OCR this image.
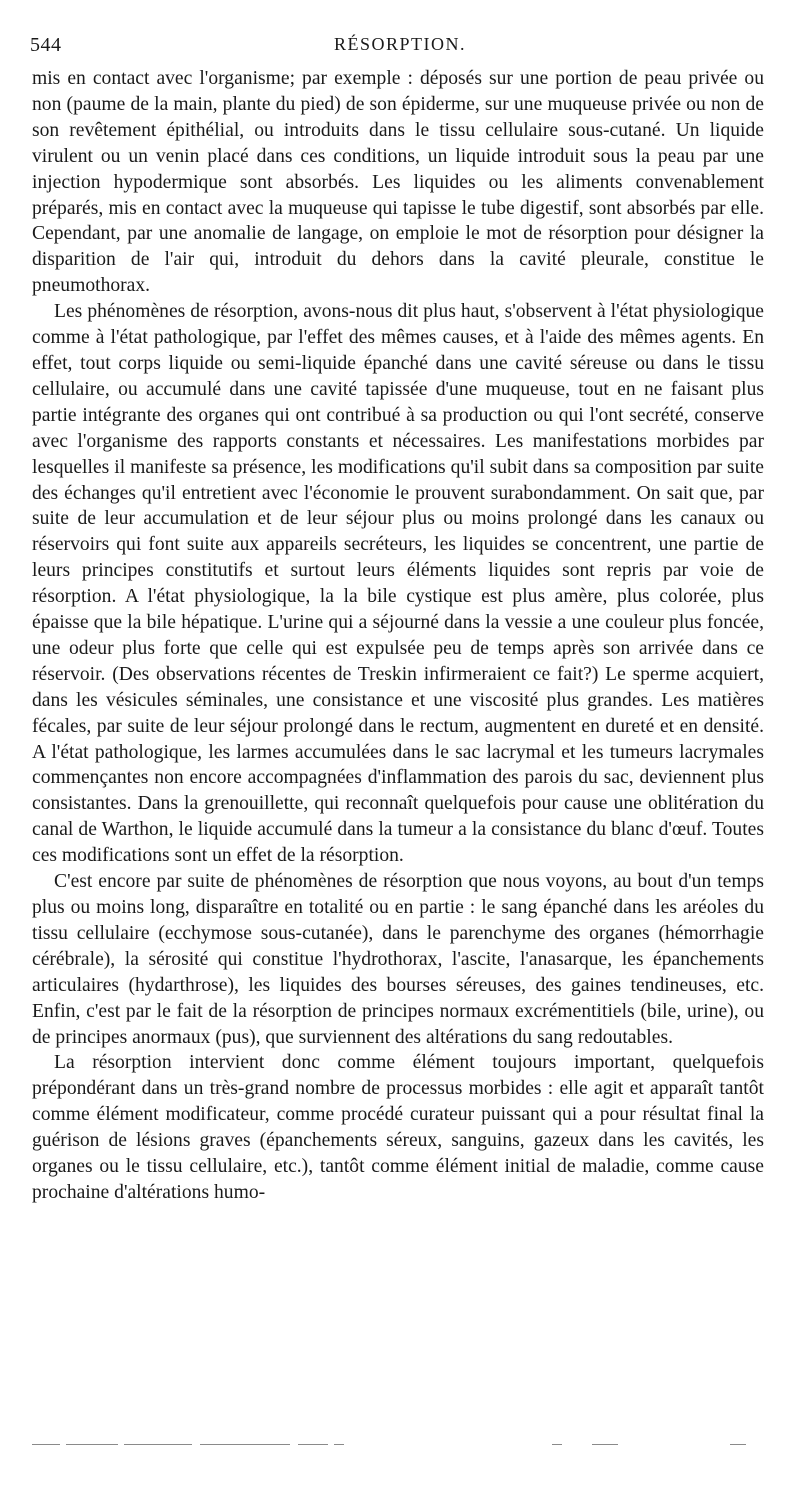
544	RÉSORPTION.

mis en contact avec l'organisme; par exemple : déposés sur une portion de peau privée ou non (paume de la main, plante du pied) de son épiderme, sur une muqueuse privée ou non de son revêtement épithélial, ou introduits dans le tissu cellulaire sous-cutané. Un liquide virulent ou un venin placé dans ces conditions, un liquide introduit sous la peau par une injection hypodermique sont absorbés. Les liquides ou les aliments convenablement préparés, mis en contact avec la muqueuse qui tapisse le tube digestif, sont absorbés par elle. Cependant, par une anomalie de langage, on emploie le mot de résorption pour désigner la disparition de l'air qui, introduit du dehors dans la cavité pleurale, constitue le pneumothorax.

Les phénomènes de résorption, avons-nous dit plus haut, s'observent à l'état physiologique comme à l'état pathologique, par l'effet des mêmes causes, et à l'aide des mêmes agents. En effet, tout corps liquide ou semi-liquide épanché dans une cavité séreuse ou dans le tissu cellulaire, ou accumulé dans une cavité tapissée d'une muqueuse, tout en ne faisant plus partie intégrante des organes qui ont contribué à sa production ou qui l'ont secrété, conserve avec l'organisme des rapports constants et nécessaires. Les manifestations morbides par lesquelles il manifeste sa présence, les modifications qu'il subit dans sa composition par suite des échanges qu'il entretient avec l'économie le prouvent surabondamment. On sait que, par suite de leur accumulation et de leur séjour plus ou moins prolongé dans les canaux ou réservoirs qui font suite aux appareils secréteurs, les liquides se concentrent, une partie de leurs principes constitutifs et surtout leurs éléments liquides sont repris par voie de résorption. A l'état physiologique, la la bile cystique est plus amère, plus colorée, plus épaisse que la bile hépatique. L'urine qui a séjourné dans la vessie a une couleur plus foncée, une odeur plus forte que celle qui est expulsée peu de temps après son arrivée dans ce réservoir. (Des observations récentes de Treskin infirmeraient ce fait?) Le sperme acquiert, dans les vésicules séminales, une consistance et une viscosité plus grandes. Les matières fécales, par suite de leur séjour prolongé dans le rectum, augmentent en dureté et en densité. A l'état pathologique, les larmes accumulées dans le sac lacrymal et les tumeurs lacrymales commençantes non encore accompagnées d'inflammation des parois du sac, deviennent plus consistantes. Dans la grenouillette, qui reconnaît quelquefois pour cause une oblitération du canal de Warthon, le liquide accumulé dans la tumeur a la consistance du blanc d'œuf. Toutes ces modifications sont un effet de la résorption.

C'est encore par suite de phénomènes de résorption que nous voyons, au bout d'un temps plus ou moins long, disparaître en totalité ou en partie : le sang épanché dans les aréoles du tissu cellulaire (ecchymose sous-cutanée), dans le parenchyme des organes (hémorrhagie cérébrale), la sérosité qui constitue l'hydrothorax, l'ascite, l'anasarque, les épanchements articulaires (hydarthrose), les liquides des bourses séreuses, des gaines tendineuses, etc. Enfin, c'est par le fait de la résorption de principes normaux excrémentitiels (bile, urine), ou de principes anormaux (pus), que surviennent des altérations du sang redoutables.

La résorption intervient donc comme élément toujours important, quelquefois prépondérant dans un très-grand nombre de processus morbides : elle agit et apparaît tantôt comme élément modificateur, comme procédé curateur puissant qui a pour résultat final la guérison de lésions graves (épanchements séreux, sanguins, gazeux dans les cavités, les organes ou le tissu cellulaire, etc.), tantôt comme élément initial de maladie, comme cause prochaine d'altérations humo-
